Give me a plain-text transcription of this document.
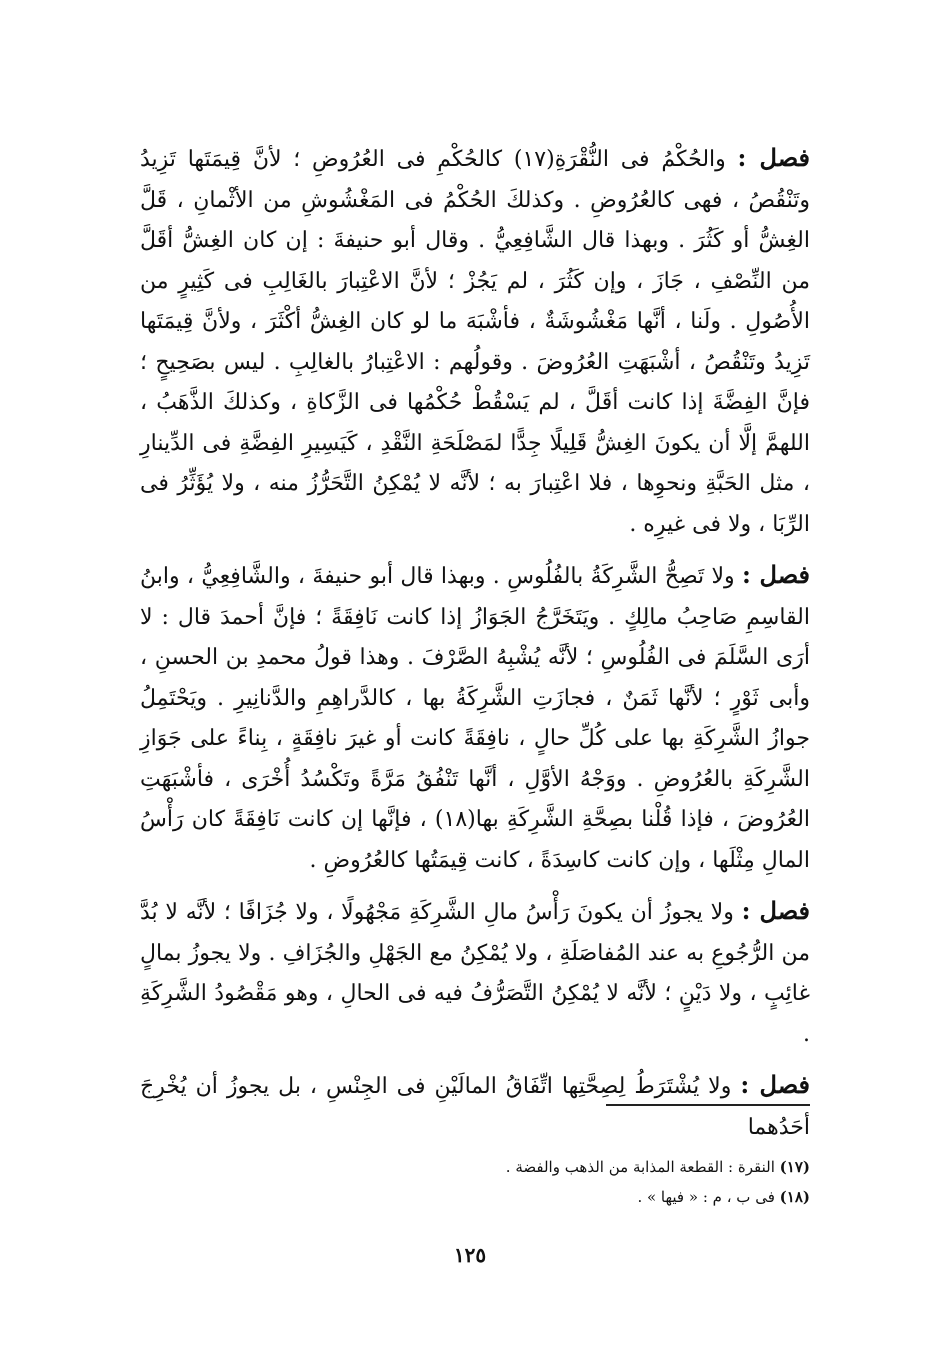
فصل : والحُكْمُ فى النُّقْرَةِ(١٧) كالحُكْمِ فى العُرُوضِ ؛ لأنَّ قِيمَتَها تَزِيدُ وتَنْقُصُ ، فهى كالعُرُوضِ . وكذلكَ الحُكْمُ فى المَغْشُوشِ من الأثْمانِ ، قَلَّ الغِشُّ أو كَثُرَ . وبهذا قال الشَّافِعِيُّ . وقال أبو حنيفةَ : إن كان الغِشُّ أقَلَّ من النِّصْفِ ، جَازَ ، وإن كَثُرَ ، لم يَجُزْ ؛ لأنَّ الاعْتِبارَ بالغَالِبِ فى كَثِيرٍ من الأُصُولِ . ولَنا ، أنَّها مَغْشُوشَةٌ ، فأشْبَهَ ما لو كان الغِشُّ أكْثَرَ ، ولأنَّ قِيمَتَها تَزِيدُ وتَنْقُصُ ، أشْبَهَتِ العُرُوضَ . وقولُهم : الاعْتِبارُ بالغالِبِ . ليس بصَحِيحٍ ؛ فإنَّ الفِضَّةَ إذا كانت أقَلَّ ، لم يَسْقُطْ حُكْمُها فى الزَّكاةِ ، وكذلكَ الذَّهَبُ ، اللهمَّ إلَّا أن يكونَ الغِشُّ قَلِيلًا جِدًّا لمَصْلَحَةِ النَّقْدِ ، كَيَسِيرِ الفِضَّةِ فى الدِّينارِ ، مثل الحَبَّةِ ونحوِها ، فلا اعْتِبارَ به ؛ لأنَّه لا يُمْكِنُ التَّحَرُّزُ منه ، ولا يُؤَثِّرُ فى الرِّبَا ، ولا فى غيرِه .

فصل : ولا تَصِحُّ الشَّرِكَةُ بالفُلُوسِ . وبهذا قال أبو حنيفةَ ، والشَّافِعِيُّ ، وابنُ القاسِمِ صَاحِبُ مالِكٍ . ويَتَخَرَّجُ الجَوَازُ إذا كانت نَافِقَةً ؛ فإنَّ أحمدَ قال : لا أرَى السَّلَمَ فى الفُلُوسِ ؛ لأنَّه يُشْبِهُ الصَّرْفَ . وهذا قولُ محمدِ بن الحسنِ ، وأبى ثَوْرٍ ؛ لأنَّها ثَمَنٌ ، فجازَتِ الشَّرِكَةُ بها ، كالدَّراهِمِ والدَّنانِيرِ . ويَحْتَمِلُ جوازُ الشَّرِكَةِ بها على كُلِّ حالٍ ، نافِقَةً كانت أو غيرَ نافِقَةٍ ، بِناءً على جَوَازِ الشَّرِكَةِ بالعُرُوضِ . ووَجْهُ الأوَّلِ ، أنَّها تَنْفُقُ مَرَّةً وتَكْسُدُ أُخْرَى ، فأشْبَهَتِ العُرُوضَ ، فإذا قُلْنا بصِحَّةِ الشَّرِكَةِ بها(١٨) ، فإنَّها إن كانت نَافِقَةً كان رَأْسُ المالِ مِثْلَها ، وإن كانت كاسِدَةً ، كانت قِيمَتُها كالعُرُوضِ .

فصل : ولا يجوزُ أن يكونَ رَأْسُ مالِ الشَّرِكَةِ مَجْهُولًا ، ولا جُزَافًا ؛ لأنَّه لا بُدَّ من الرُّجُوعِ به عند المُفاصَلَةِ ، ولا يُمْكِنُ مع الجَهْلِ والجُزَافِ . ولا يجوزُ بمالٍ غائِبٍ ، ولا دَيْنٍ ؛ لأنَّه لا يُمْكِنُ التَّصَرُّفُ فيه فى الحالِ ، وهو مَقْصُودُ الشَّرِكَةِ .

فصل : ولا يُشْتَرَطُ لِصِحَّتِها اتِّفَاقُ المالَيْنِ فى الجِنْسِ ، بل يجوزُ أن يُخْرِجَ أحَدُهما

(١٧) النقرة : القطعة المذابة من الذهب والفضة .

(١٨) فى ب ، م : « فيها » .

١٢٥
